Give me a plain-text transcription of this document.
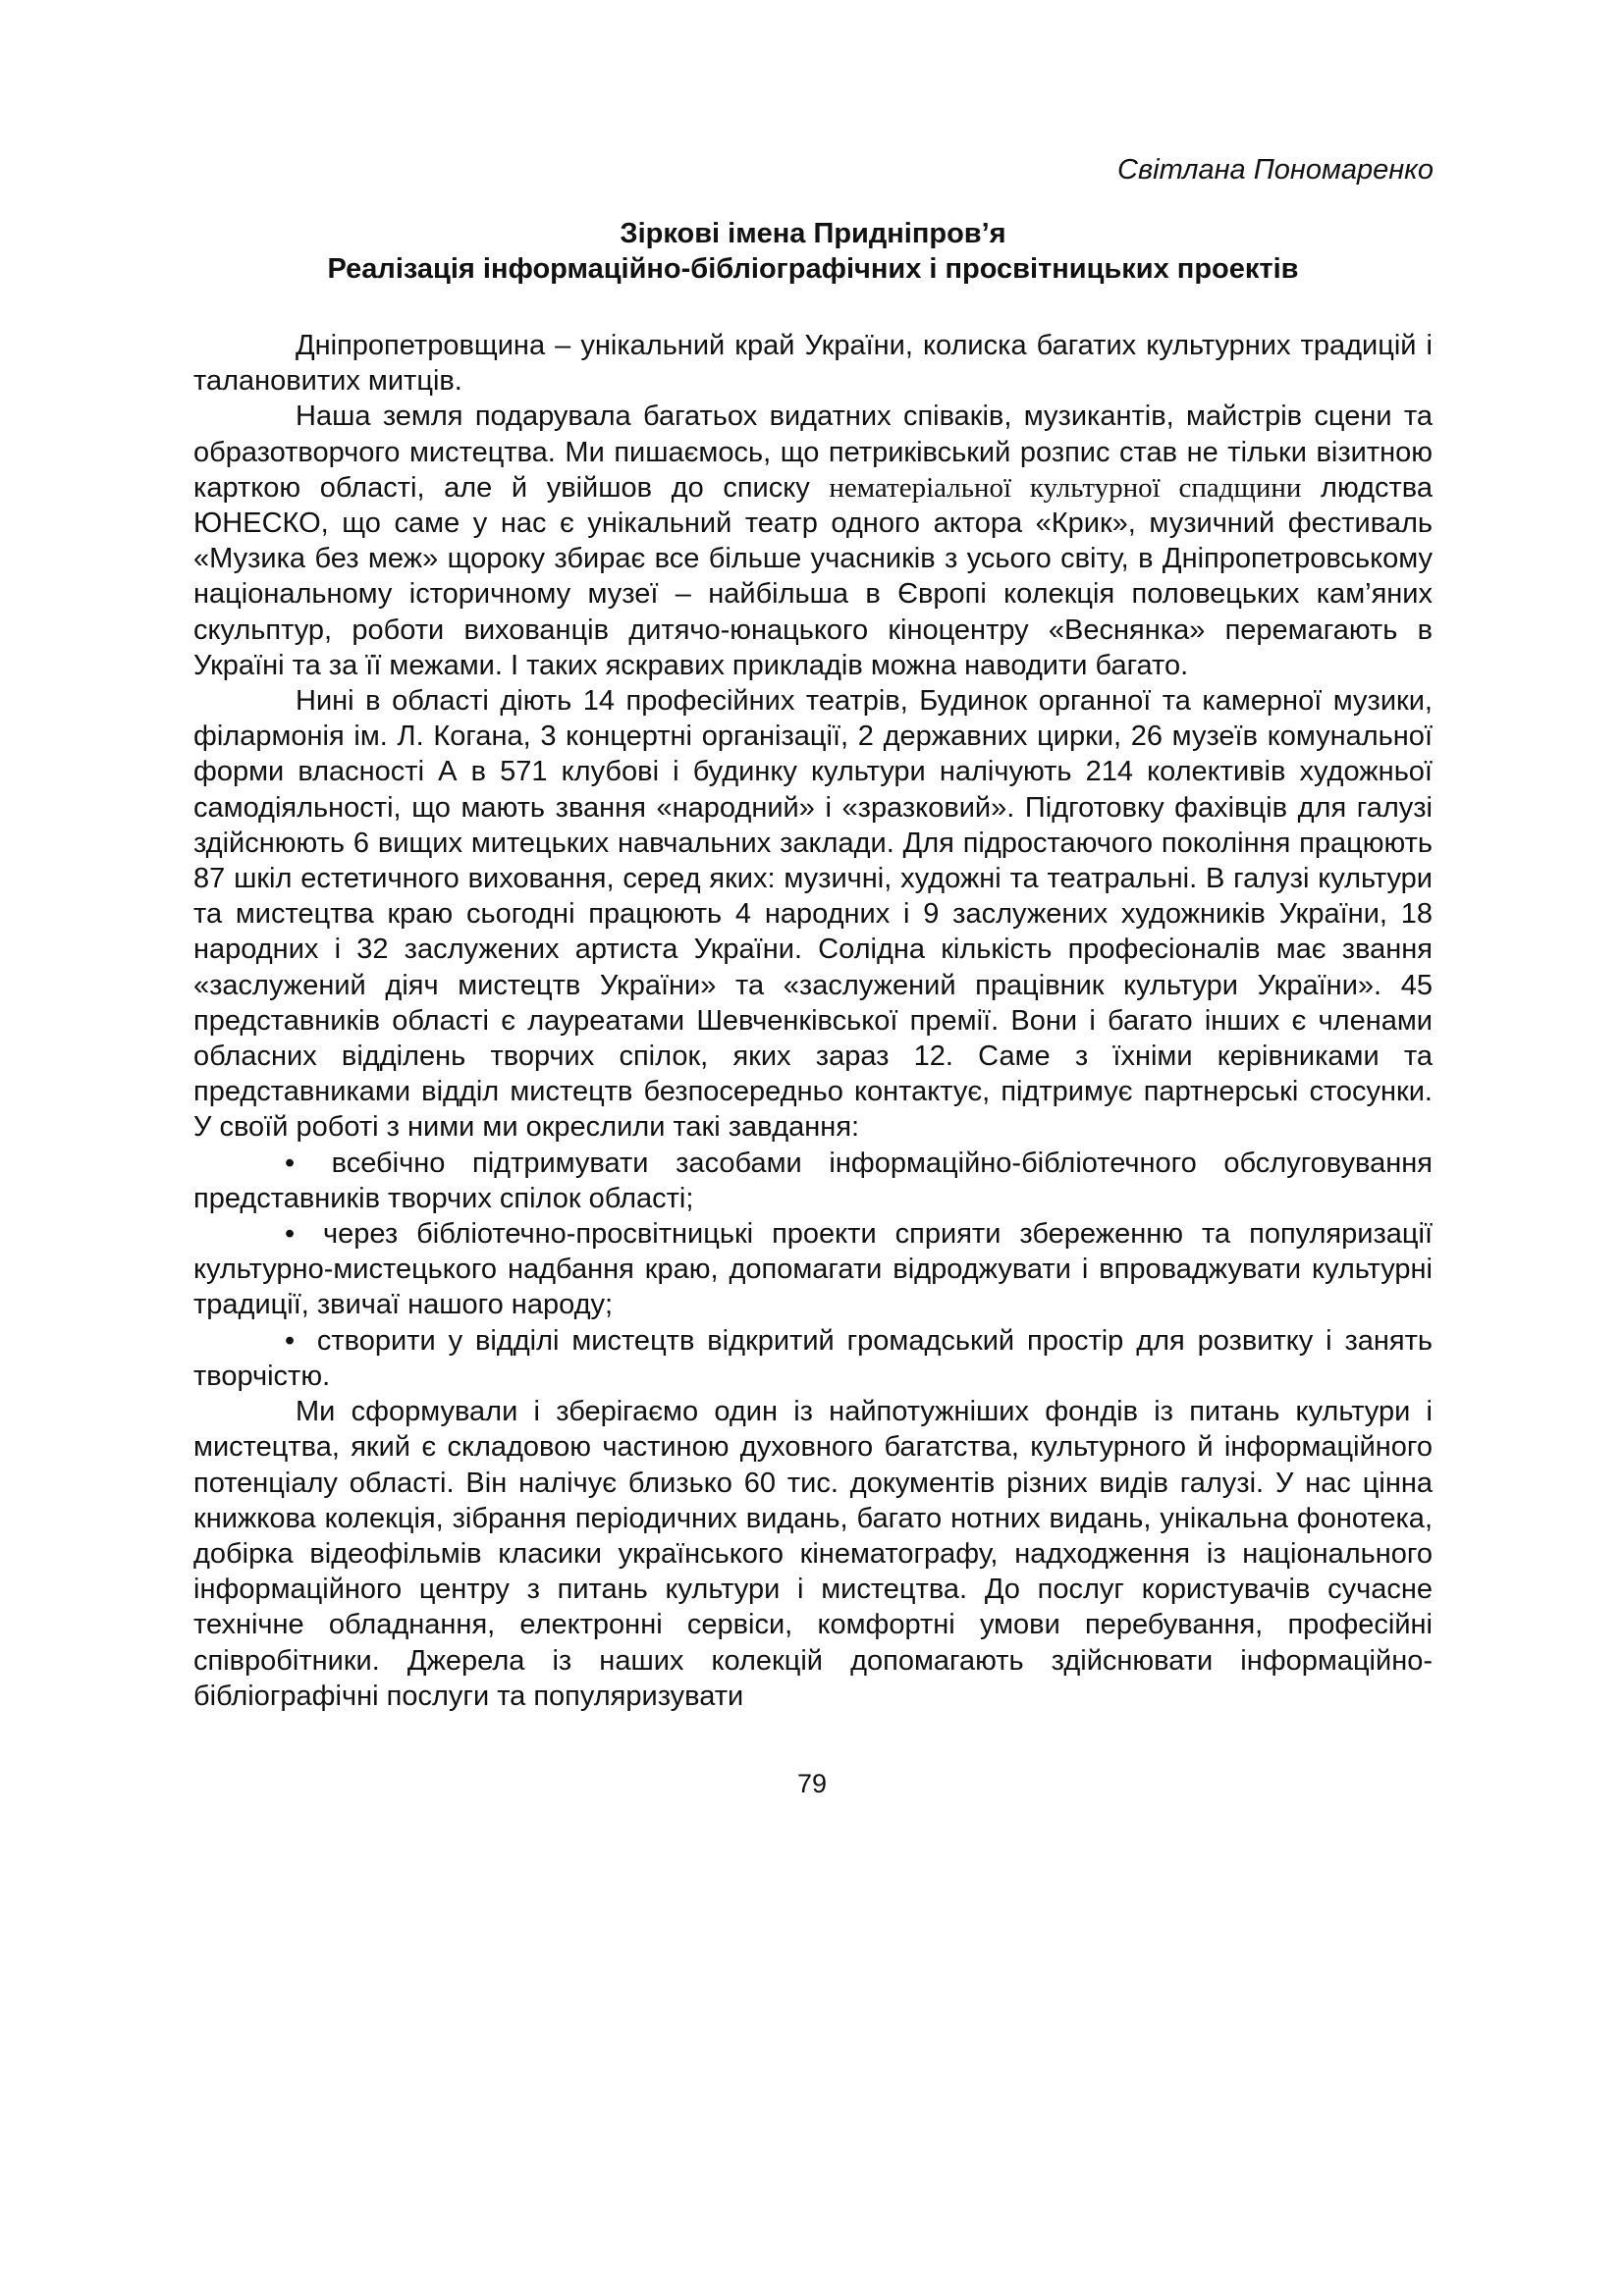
Світлана Пономаренко
Зіркові імена Придніпров’я
Реалізація інформаційно-бібліографічних і просвітницьких проектів

Дніпропетровщина – унікальний край України, колиска багатих культурних традицій і талановитих митців.

Наша земля подарувала багатьох видатних співаків, музикантів, майстрів сцени та образотворчого мистецтва. Ми пишаємось, що петриківський розпис став не тільки візитною карткою області, але й увійшов до списку нематеріальної культурної спадщини людства ЮНЕСКО, що саме у нас є унікальний театр одного актора «Крик», музичний фестиваль «Музика без меж» щороку збирає все більше учасників з усього світу, в Дніпропетровському національному історичному музеї – найбільша в Європі колекція половецьких кам’яних скульптур, роботи вихованців дитячо-юнацького кіноцентру «Веснянка» перемагають в Україні та за її межами. І таких яскравих прикладів можна наводити багато.

Нині в області діють 14 професійних театрів, Будинок органної та камерної музики, філармонія ім. Л. Когана, 3 концертні організації, 2 державних цирки, 26 музеїв комунальної форми власності А в 571 клубові і будинку культури налічують 214 колективів художньої самодіяльності, що мають звання «народний» і «зразковий». Підготовку фахівців для галузі здійснюють 6 вищих митецьких навчальних заклади. Для підростаючого покоління працюють 87 шкіл естетичного виховання, серед яких: музичні, художні та театральні. В галузі культури та мистецтва краю сьогодні працюють 4 народних і 9 заслужених художників України, 18 народних і 32 заслужених артиста України. Солідна кількість професіоналів має звання «заслужений діяч мистецтв України» та «заслужений працівник культури України». 45 представників області є лауреатами Шевченківської премії. Вони і багато інших є членами обласних відділень творчих спілок, яких зараз 12. Саме з їхніми керівниками та представниками відділ мистецтв безпосередньо контактує, підтримує партнерські стосунки. У своїй роботі з ними ми окреслили такі завдання:

• всебічно підтримувати засобами інформаційно-бібліотечного обслуговування представників творчих спілок області;
• через бібліотечно-просвітницькі проекти сприяти збереженню та популяризації культурно-мистецького надбання краю, допомагати відроджувати і впроваджувати культурні традиції, звичаї нашого народу;
• створити у відділі мистецтв відкритий громадський простір для розвитку і занять творчістю.

Ми сформували і зберігаємо один із найпотужніших фондів із питань культури і мистецтва, який є складовою частиною духовного багатства, культурного й інформаційного потенціалу області. Він налічує близько 60 тис. документів різних видів галузі. У нас цінна книжкова колекція, зібрання періодичних видань, багато нотних видань, унікальна фонотека, добірка відеофільмів класики українського кінематографу, надходження із національного інформаційного центру з питань культури і мистецтва. До послуг користувачів сучасне технічне обладнання, електронні сервіси, комфортні умови перебування, професійні співробітники. Джерела із наших колекцій допомагають здійснювати інформаційно-бібліографічні послуги та популяризувати

79
